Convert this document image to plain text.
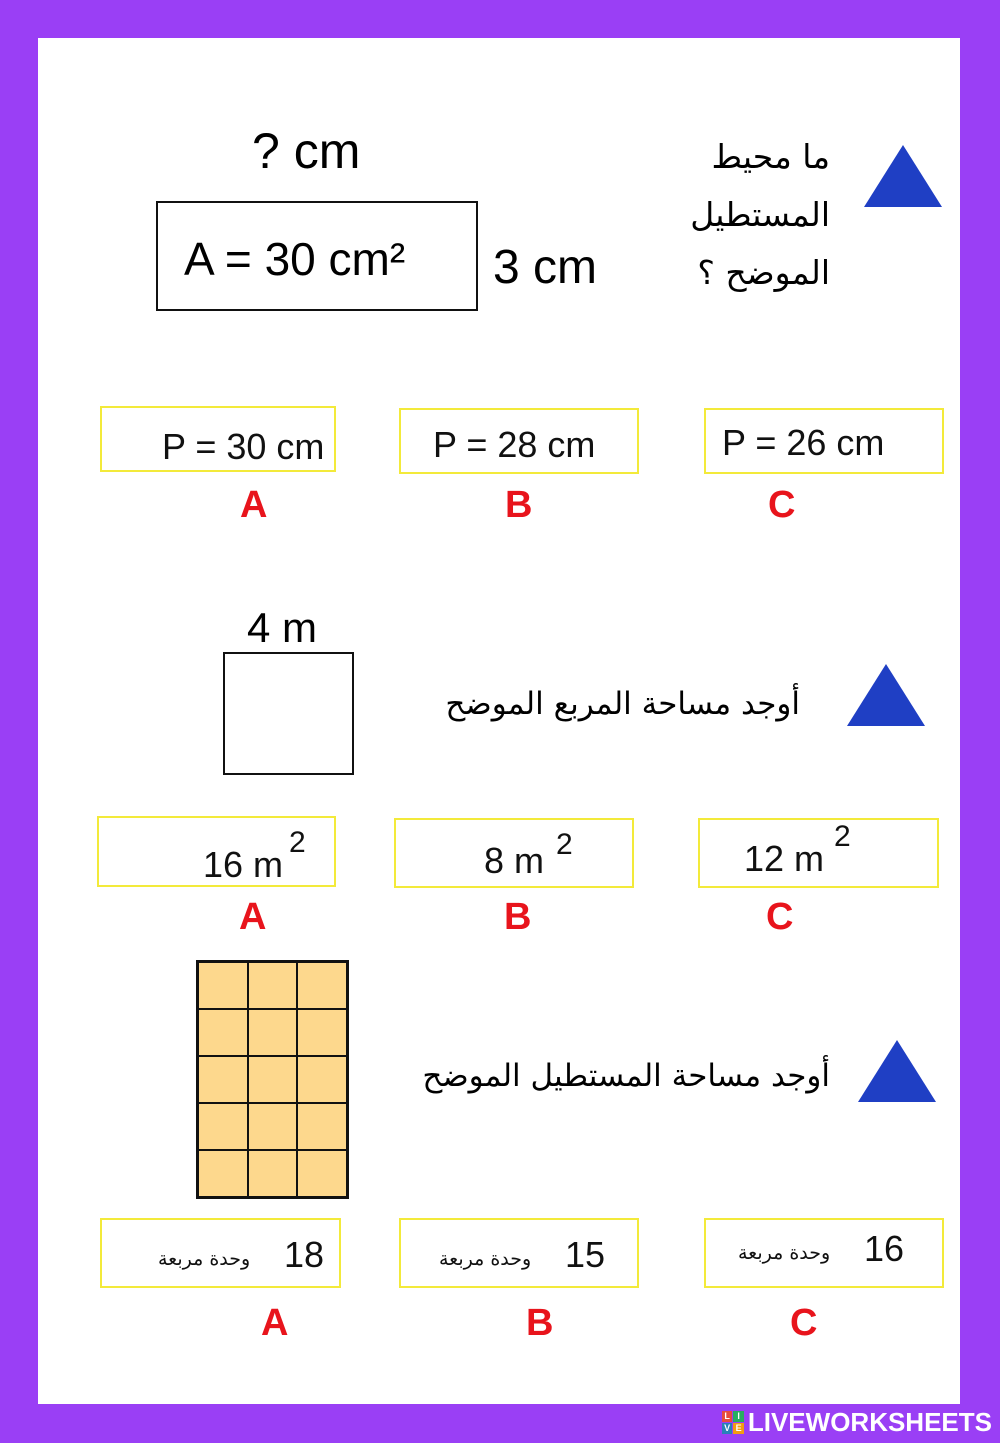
ما محيط المستطيل الموضح ؟
? cm
A = 30 cm² 3 cm
P = 30 cm	P = 28 cm	P = 26 cm
A	B	C
أوجد مساحة المربع الموضح
4 m
16 m
2	8 m 2	12 m
2
A	B	C
أوجد مساحة المستطيل الموضح
18
وحدة مربعة	15
وحدة مربعة	16
وحدة مربعة
A	B	C
L I
V E LIVEWORKSHEETS
